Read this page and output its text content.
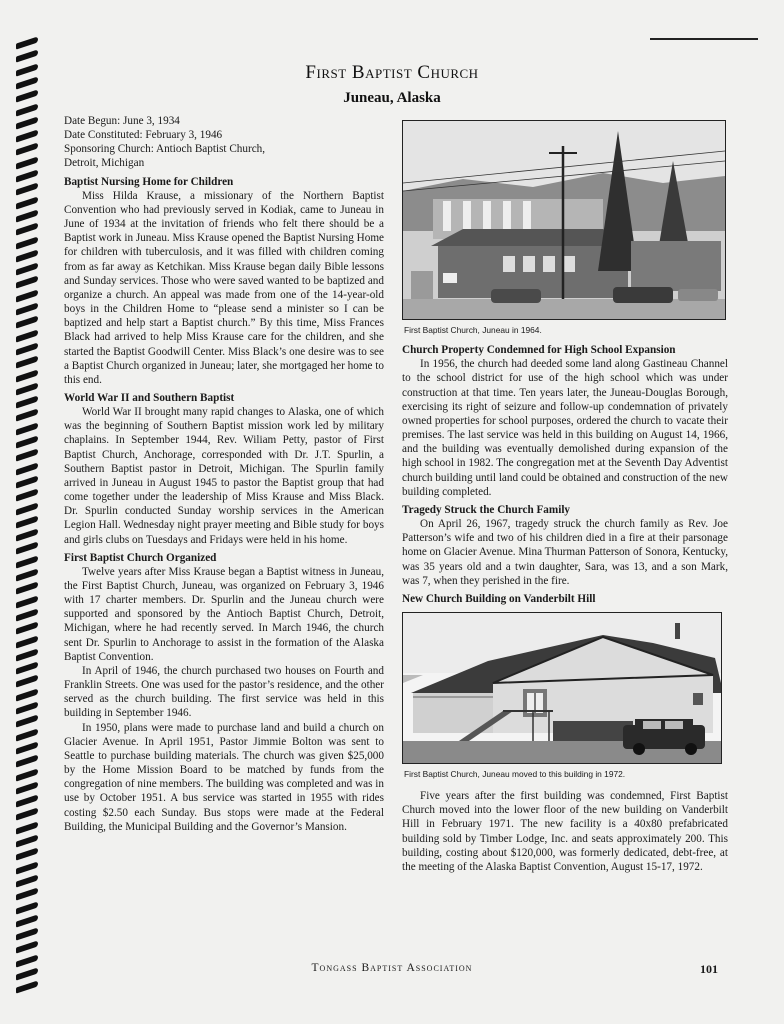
First Baptist Church
Juneau, Alaska
Date Begun: June 3, 1934
Date Constituted: February 3, 1946
Sponsoring Church: Antioch Baptist Church,
Detroit, Michigan
Baptist Nursing Home for Children

Miss Hilda Krause, a missionary of the Northern Baptist Convention who had previously served in Kodiak, came to Juneau in June of 1934 at the invitation of friends who felt there should be a Baptist work in Juneau. Miss Krause opened the Baptist Nursing Home for children with tuberculosis, and it was filled with children coming from as far away as Ketchikan. Miss Krause began daily Bible lessons and Sunday services. Those who were saved wanted to be baptized and organize a church. An appeal was made from one of the 14-year-old boys in the Children Home to “please send a minister so I can be baptized and help start a Baptist church.” By this time, Miss Frances Black had arrived to help Miss Krause care for the children, and she started the Baptist Goodwill Center. Miss Black’s one desire was to see a Baptist Church organized in Juneau; later, she mortgaged her home to this end.

World War II and Southern Baptist

World War II brought many rapid changes to Alaska, one of which was the beginning of Southern Baptist mission work led by military chaplains. In September 1944, Rev. Wiliam Petty, pastor of First Baptist Church, Anchorage, corresponded with Dr. J.T. Spurlin, a Southern Baptist pastor in Detroit, Michigan. The Spurlin family arrived in Juneau in August 1945 to pastor the Baptist group that had come together under the leadership of Miss Krause and Miss Black. Dr. Spurlin conducted Sunday worship services in the American Legion Hall. Wednesday night prayer meeting and Bible study for boys and girls clubs on Tuesdays and Fridays were held in his home.

First Baptist Church Organized

Twelve years after Miss Krause began a Baptist witness in Juneau, the First Baptist Church, Juneau, was organized on February 3, 1946 with 17 charter members. Dr. Spurlin and the Juneau church were supported and sponsored by the Antioch Baptist Church, Detroit, Michigan, where he had recently served. In March 1946, the church sent Dr. Spurlin to Anchorage to assist in the formation of the Alaska Baptist Convention.

In April of 1946, the church purchased two houses on Fourth and Franklin Streets. One was used for the pastor’s residence, and the other served as the church building. The first service was held in this building in September 1946.

In 1950, plans were made to purchase land and build a church on Glacier Avenue. In April 1951, Pastor Jimmie Bolton was sent to Seattle to purchase building materials. The church was given $25,000 by the Home Mission Board to be matched by funds from the congregation of nine members. The building was completed and was in use by October 1951. A bus service was started in 1955 with rides costing $2.50 each Sunday. Bus stops were made at the Federal Building, the Municipal Building and the Governor’s Mansion.

First Baptist Church, Juneau in 1964.
Church Property Condemned for High School Expansion

In 1956, the church had deeded some land along Gastineau Channel to the school district for use of the high school which was under construction at that time. Ten years later, the Juneau-Douglas Borough, exercising its right of seizure and follow-up condemnation of privately owned properties for school purposes, ordered the church to vacate their premises. The last service was held in this building on August 14, 1966, and the building was eventually demolished during expansion of the high school in 1982. The congregation met at the Seventh Day Adventist church building until land could be obtained and construction of the new building completed.

Tragedy Struck the Church Family

On April 26, 1967, tragedy struck the church family as Rev. Joe Patterson’s wife and two of his children died in a fire at their parsonage home on Glacier Avenue. Mina Thurman Patterson of Sonora, Kentucky, was 35 years old and a twin daughter, Sara, was 13, and a son Mark, was 7, when they perished in the fire.

New Church Building on Vanderbilt Hill
First Baptist Church, Juneau moved to this building in 1972.

Five years after the first building was condemned, First Baptist Church moved into the lower floor of the new building on Vanderbilt Hill in February 1971. The new facility is a 40x80 prefabricated building sold by Timber Lodge, Inc. and seats approximately 200. This building, costing about $120,000, was formerly dedicated, debt-free, at the meeting of the Alaska Baptist Convention, August 15-17, 1972.

Tongass Baptist Association	101
